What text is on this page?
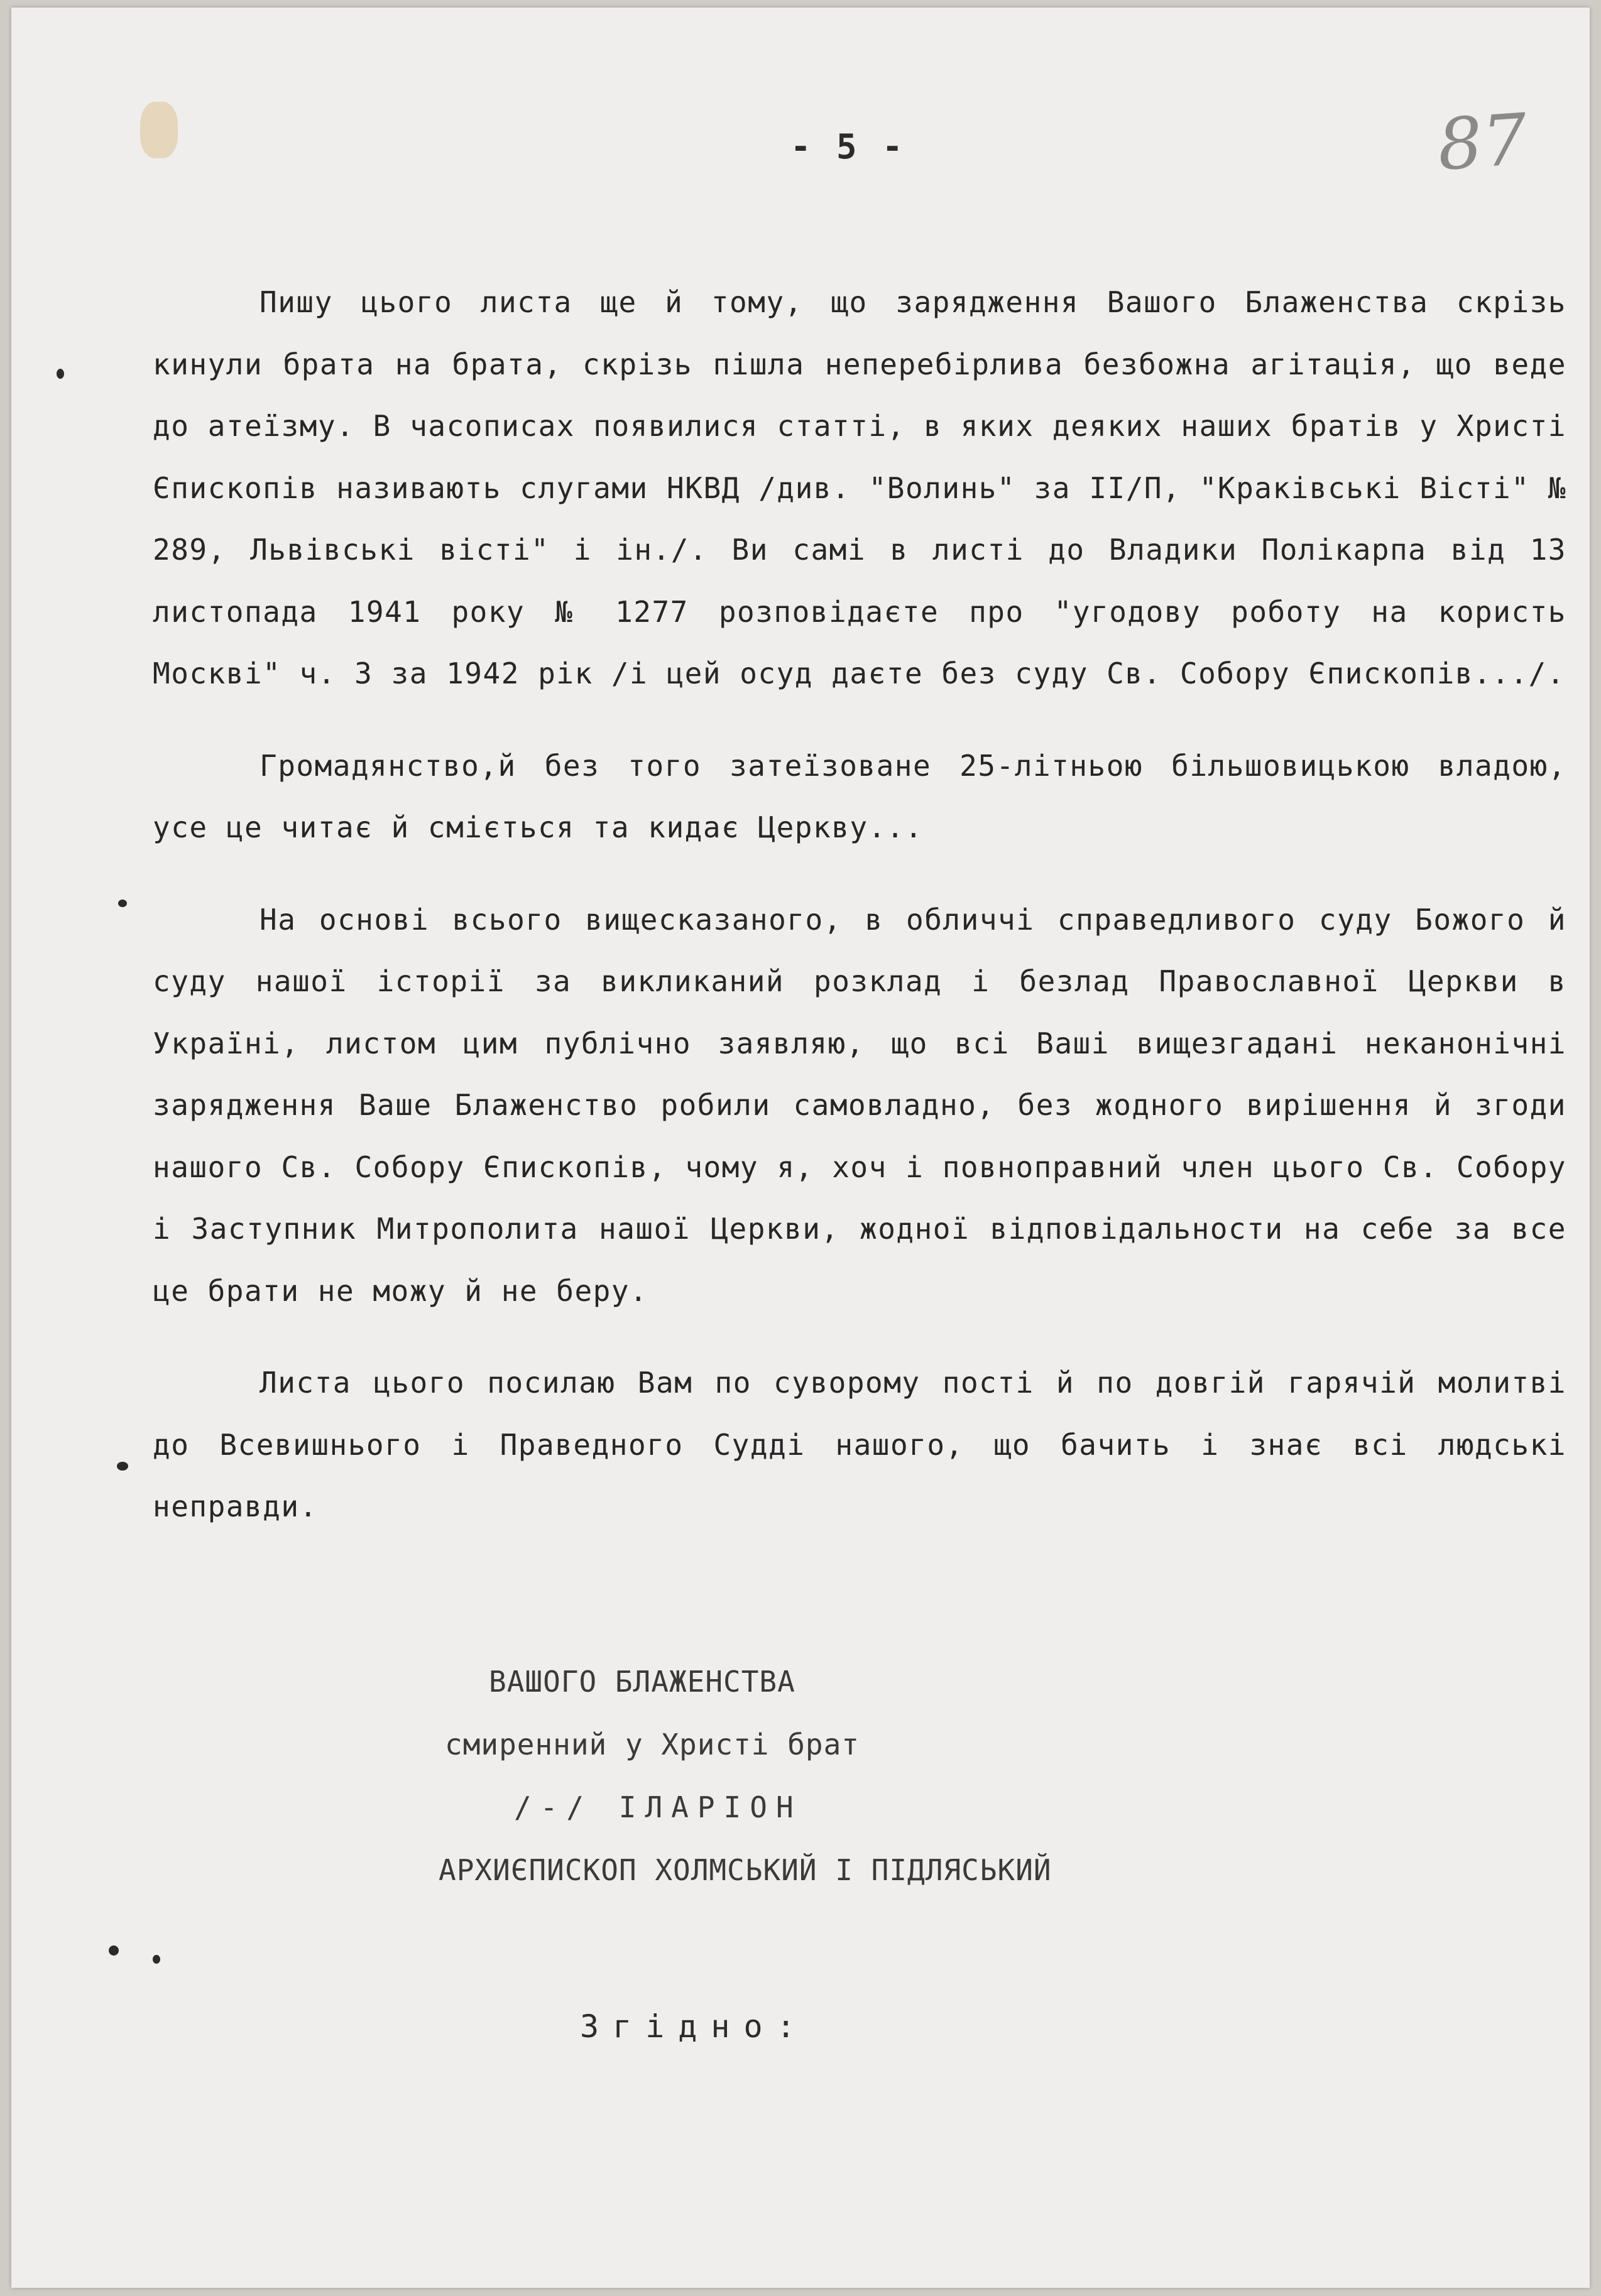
- 5 -	87

Пишу цього листа ще й тому, що зарядження Вашого Блаженства скрізь кинули брата на брата, скрізь пішла неперебірлива безбожна агітація, що веде до атеїзму. В часописах появилися статті, в яких деяких наших братів у Христі Єпископів називають слугами НКВД /див. "Волинь" за II/П, "Краківські Вісті" № 289, Львівські вісті" і ін./. Ви самі в листі до Владики Полікарпа від 13 листопада 1941 року № 1277 розповідаєте про "угодову роботу на користь Москві" ч. 3 за 1942 рік /і цей осуд даєте без суду Св. Собору Єпископів.../.

Громадянство,й без того затеїзоване 25-літньою більшовицькою владою, усе це читає й сміється та кидає Церкву...

На основі всього вищесказаного, в обличчі справедливого суду Божого й суду нашої історії за викликаний розклад і безлад Православної Церкви в Україні, листом цим публічно заявляю, що всі Ваші вищезгадані неканонічні зарядження Ваше Блаженство робили самовладно, без жодного вирішення й згоди нашого Св. Собору Єпископів, чому я, хоч і повноправний член цього Св. Собору і Заступник Митрополита нашої Церкви, жодної відповідальности на себе за все це брати не можу й не беру.

Листа цього посилаю Вам по суворому пості й по довгій гарячій молитві до Всевишнього і Праведного Судді нашого, що бачить і знає всі людські неправди.

ВАШОГО БЛАЖЕНСТВА
смиренний у Христі брат
/-/ ІЛАРІОН
АРХИЄПИСКОП ХОЛМСЬКИЙ І ПІДЛЯСЬКИЙ
Згідно:
